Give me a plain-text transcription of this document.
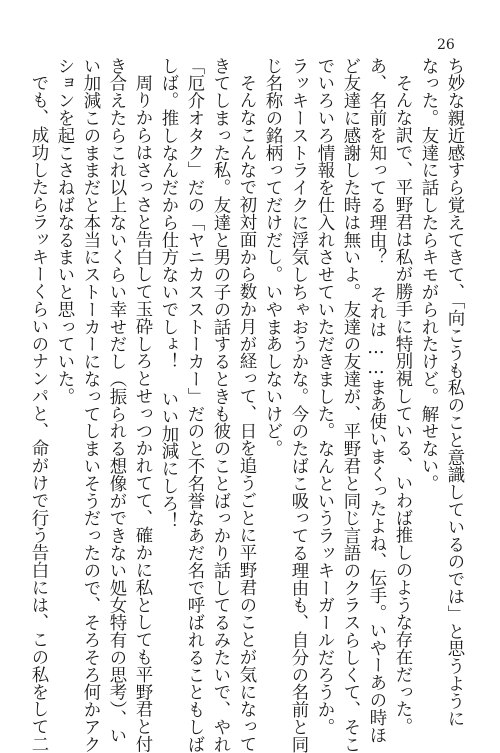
26

ち妙な親近感すら覚えてきて、「向こうも私のこと意識しているのでは」と思うように

なった。友達に話したらキモがられたけど。解せない。

そんな訳で、平野君は私が勝手に特別視している、いわば推しのような存在だった。

あ、名前を知ってる理由？ それは……まあ使いまくったよね、伝手。いやーあの時ほ

ど友達に感謝した時は無いよ。友達の友達が、平野君と同じ言語のクラスらしくて、そこ

でいろいろ情報を仕入れさせていただきました。なんというラッキーガールだろうか。

ラッキーストライクに浮気しちゃおうかな。今のたばこ吸ってる理由も、自分の名前と同

じ名称の銘柄ってだけだし。いやまあしないけど。

そんなこんなで初対面から数か月が経って、日を追うごとに平野君のことが気になって

きてしまった私。友達と男の子の話するときも彼のことばっかり話してるみたいで、やれ

「厄介オタク」だの「ヤニカスストーカー」だのと不名誉なあだ名で呼ばれることもしば

しば。推しなんだから仕方ないでしょ！ いい加減にしろ！

周りからはさっさと告白して玉砕しろとせっつかれてて、確かに私としても平野君と付

き合えたらこれ以上ないくらい幸せだし（振られる想像ができない処女特有の思考）、い

い加減このままだと本当にストーカーになってしまいそうだったので、そろそろ何かアク

ションを起こさねばなるまいと思っていた。

でも、成功したらラッキーくらいのナンパと、命がけで行う告白には、この私をして二
